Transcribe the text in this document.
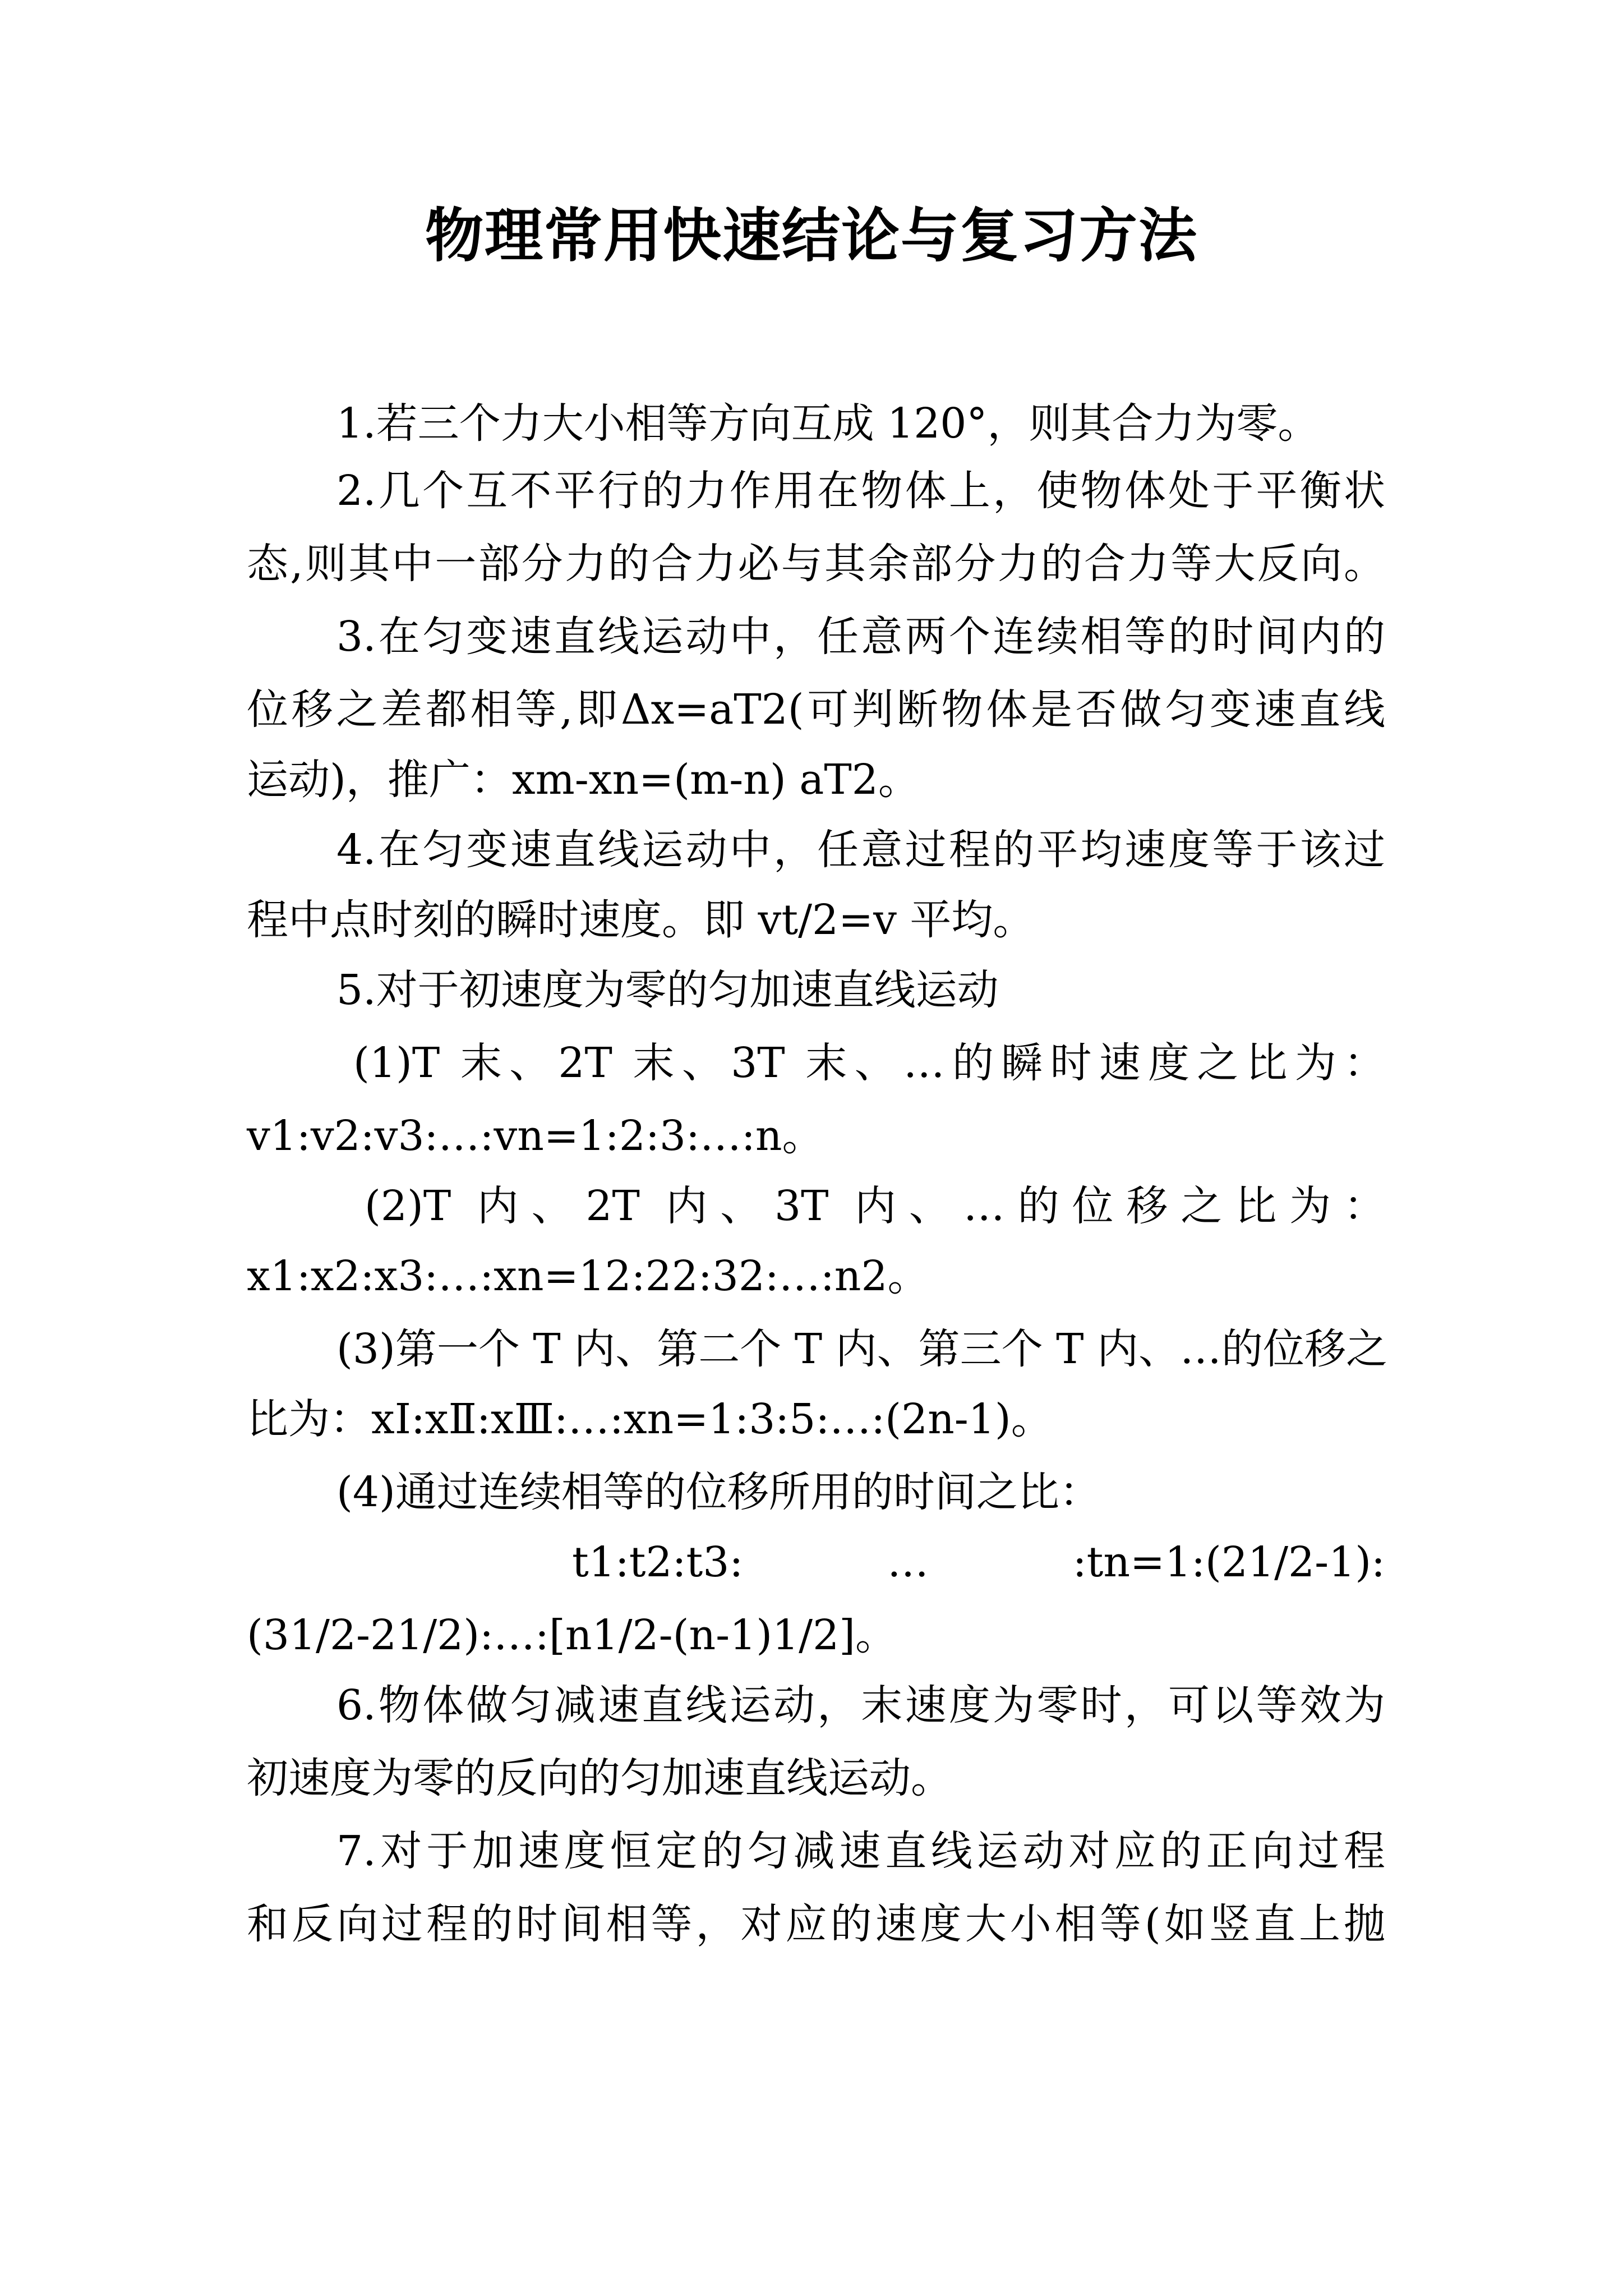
物理常用快速结论与复习方法
1.若三个力大小相等方向互成 120°，则其合力为零。
2.几个互不平行的力作用在物体上，使物体处于平衡状
态,则其中一部分力的合力必与其余部分力的合力等大反向。
3.在匀变速直线运动中，任意两个连续相等的时间内的
位移之差都相等,即Δx=aT2(可判断物体是否做匀变速直线
运动)，推广：xm-xn=(m-n) aT2。
4.在匀变速直线运动中，任意过程的平均速度等于该过
程中点时刻的瞬时速度。即 vt/2=v 平均。
5.对于初速度为零的匀加速直线运动
(1)T 末、2T 末、3T 末、…的瞬时速度之比为：
v1:v2:v3:…:vn=1:2:3:…:n。
(2)T 内、2T 内、3T 内、…的位移之比为：
x1:x2:x3:…:xn=12:22:32:…:n2。
(3)第一个 T 内、第二个 T 内、第三个 T 内、…的位移之
比为：xⅠ:xⅡ:xⅢ:…:xn=1:3:5:…:(2n-1)。
(4)通过连续相等的位移所用的时间之比：
t1:t2:t3: … :tn=1:(21/2-1):
(31/2-21/2):…:[n1/2-(n-1)1/2]。
6.物体做匀减速直线运动，末速度为零时，可以等效为
初速度为零的反向的匀加速直线运动。
7.对于加速度恒定的匀减速直线运动对应的正向过程
和反向过程的时间相等，对应的速度大小相等(如竖直上抛
